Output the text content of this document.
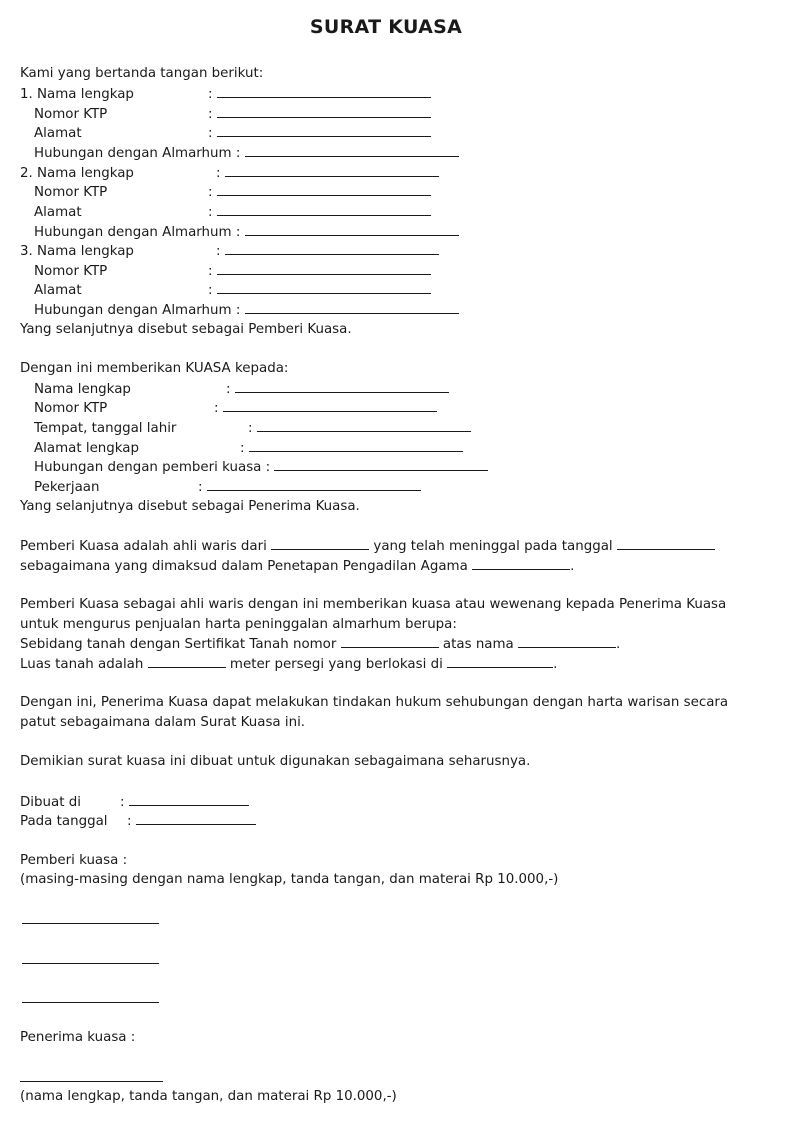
SURAT KUASA
Kami yang bertanda tangan berikut:
1. Nama lengkap	:
Nomor KTP	:
Alamat	:
Hubungan dengan Almarhum :
2. Nama lengkap	:
Nomor KTP	:
Alamat	:
Hubungan dengan Almarhum :
3. Nama lengkap	:
Nomor KTP	:
Alamat	:
Hubungan dengan Almarhum :
Yang selanjutnya disebut sebagai Pemberi Kuasa.
Dengan ini memberikan KUASA kepada:
Nama lengkap	:
Nomor KTP	:
Tempat, tanggal lahir	:
Alamat lengkap	:
Hubungan dengan pemberi kuasa :
Pekerjaan	:
Yang selanjutnya disebut sebagai Penerima Kuasa.
Pemberi Kuasa adalah ahli waris dari	yang telah meninggal pada tanggal
sebagaimana yang dimaksud dalam Penetapan Pengadilan Agama	.
Pemberi Kuasa sebagai ahli waris dengan ini memberikan kuasa atau wewenang kepada Penerima Kuasa
untuk mengurus penjualan harta peninggalan almarhum berupa:
Sebidang tanah dengan Sertifikat Tanah nomor	atas nama	.
Luas tanah adalah	meter persegi yang berlokasi di	.
Dengan ini, Penerima Kuasa dapat melakukan tindakan hukum sehubungan dengan harta warisan secara
patut sebagaimana dalam Surat Kuasa ini.
Demikian surat kuasa ini dibuat untuk digunakan sebagaimana seharusnya.
Dibuat di	:
Pada tanggal :
Pemberi kuasa :
(masing-masing dengan nama lengkap, tanda tangan, dan materai Rp 10.000,-)
Penerima kuasa :
(nama lengkap, tanda tangan, dan materai Rp 10.000,-)
